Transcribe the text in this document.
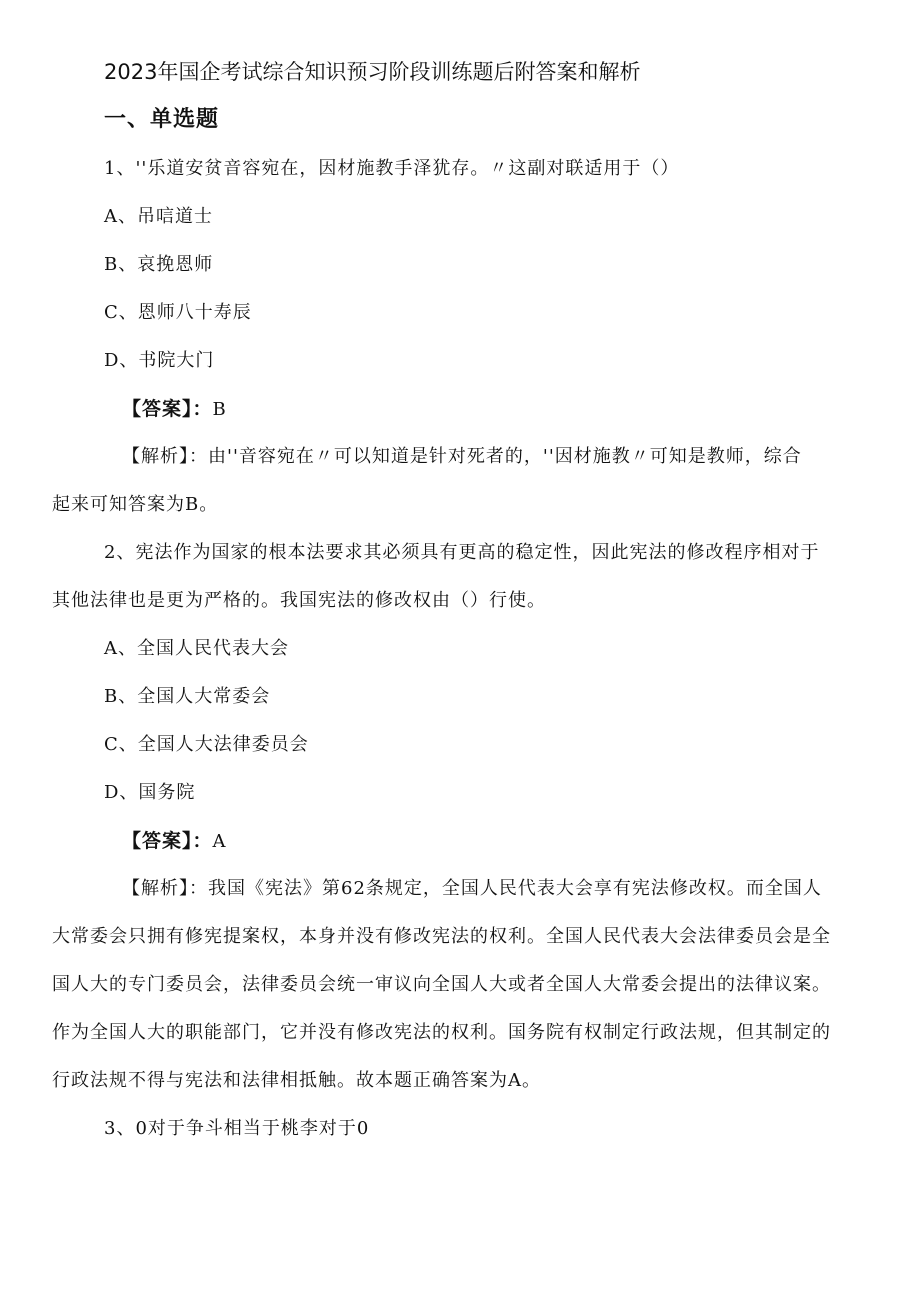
2023年国企考试综合知识预习阶段训练题后附答案和解析
一、单选题
1、''乐道安贫音容宛在，因材施教手泽犹存。〃这副对联适用于（）
A、吊唁道士
B、哀挽恩师
C、恩师八十寿辰
D、书院大门
【答案】：B
【解析】：由''音容宛在〃可以知道是针对死者的，''因材施教〃可知是教师，综合
起来可知答案为B。
2、宪法作为国家的根本法要求其必须具有更高的稳定性，因此宪法的修改程序相对于
其他法律也是更为严格的。我国宪法的修改权由（）行使。
A、全国人民代表大会
B、全国人大常委会
C、全国人大法律委员会
D、国务院
【答案】：A
【解析】：我国《宪法》第62条规定，全国人民代表大会享有宪法修改权。而全国人
大常委会只拥有修宪提案权，本身并没有修改宪法的权利。全国人民代表大会法律委员会是全
国人大的专门委员会，法律委员会统一审议向全国人大或者全国人大常委会提出的法律议案。
作为全国人大的职能部门，它并没有修改宪法的权利。国务院有权制定行政法规，但其制定的
行政法规不得与宪法和法律相抵触。故本题正确答案为A。
3、0对于争斗相当于桃李对于0
